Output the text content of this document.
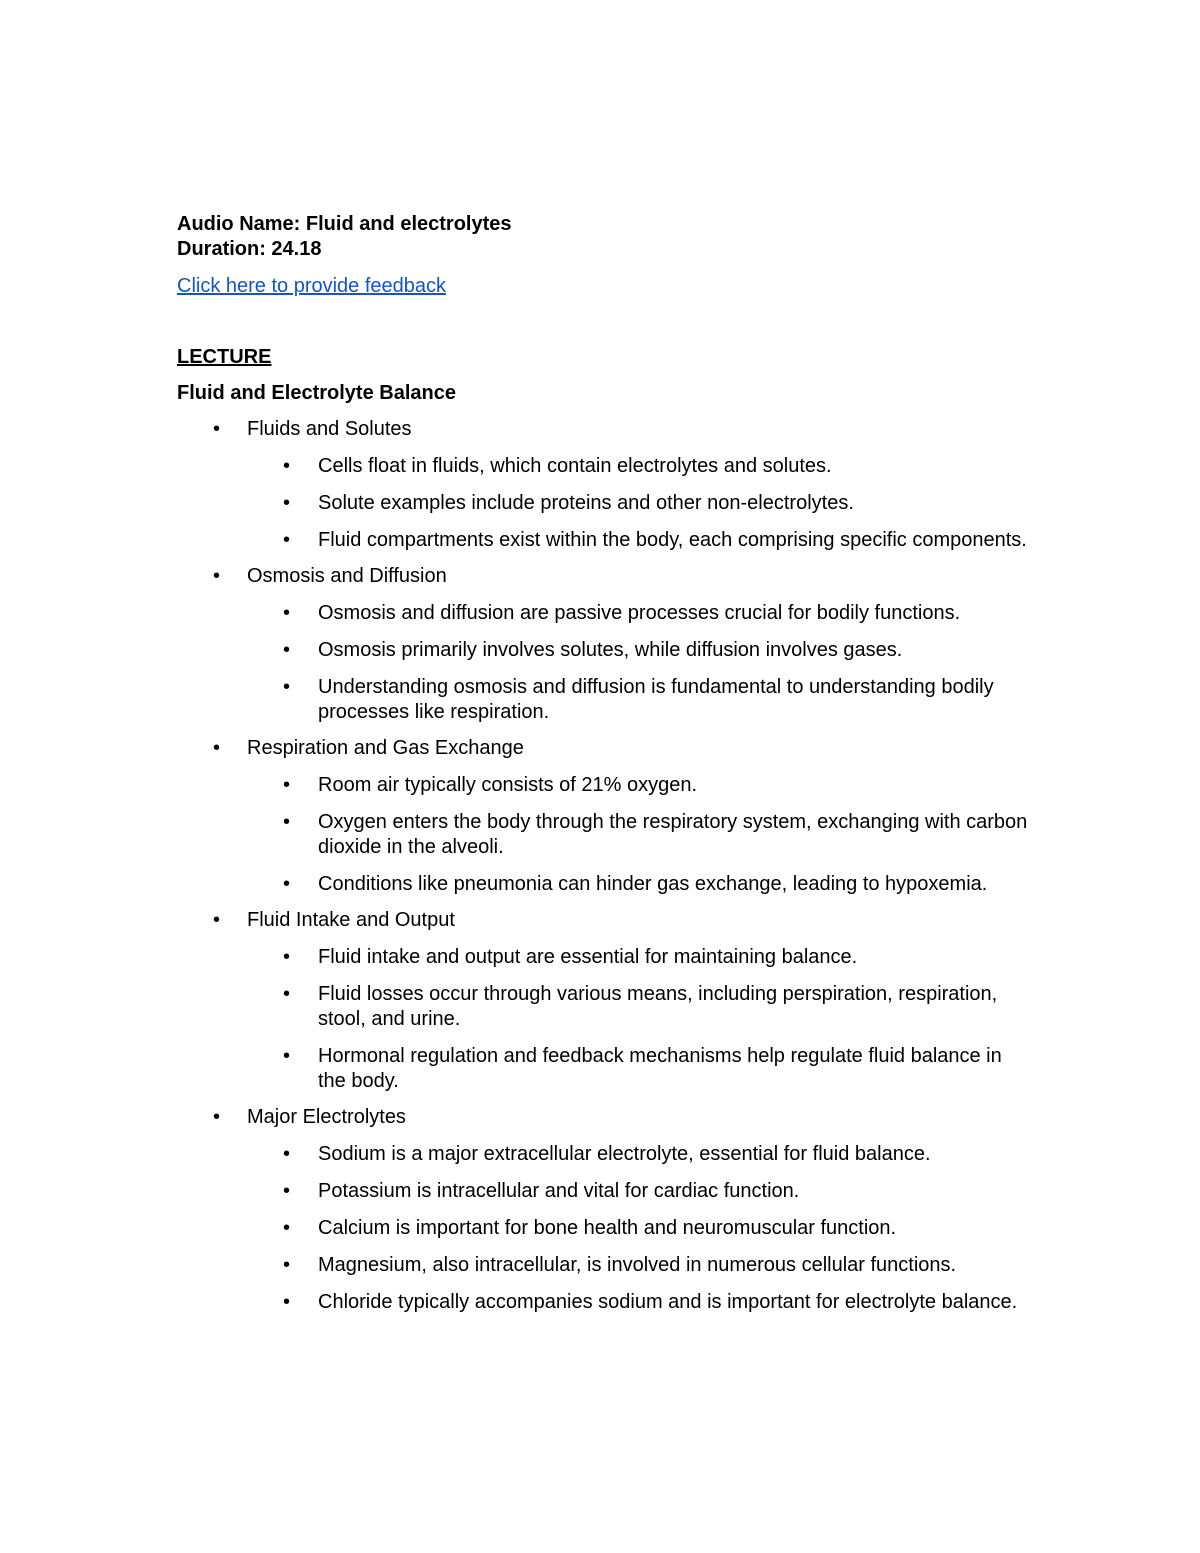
Audio Name: Fluid and electrolytes

Duration: 24.18

Click here to provide feedback
LECTURE
Fluid and Electrolyte Balance
• Fluids and Solutes
• Cells float in fluids, which contain electrolytes and solutes.
• Solute examples include proteins and other non-electrolytes.
• Fluid compartments exist within the body, each comprising specific components.
• Osmosis and Diffusion
• Osmosis and diffusion are passive processes crucial for bodily functions.
• Osmosis primarily involves solutes, while diffusion involves gases.
• Understanding osmosis and diffusion is fundamental to understanding bodily processes like respiration.
• Respiration and Gas Exchange
• Room air typically consists of 21% oxygen.
• Oxygen enters the body through the respiratory system, exchanging with carbon dioxide in the alveoli.
• Conditions like pneumonia can hinder gas exchange, leading to hypoxemia.
• Fluid Intake and Output
• Fluid intake and output are essential for maintaining balance.
• Fluid losses occur through various means, including perspiration, respiration, stool, and urine.
• Hormonal regulation and feedback mechanisms help regulate fluid balance in the body.
• Major Electrolytes
• Sodium is a major extracellular electrolyte, essential for fluid balance.
• Potassium is intracellular and vital for cardiac function.
• Calcium is important for bone health and neuromuscular function.
• Magnesium, also intracellular, is involved in numerous cellular functions.
• Chloride typically accompanies sodium and is important for electrolyte balance.
